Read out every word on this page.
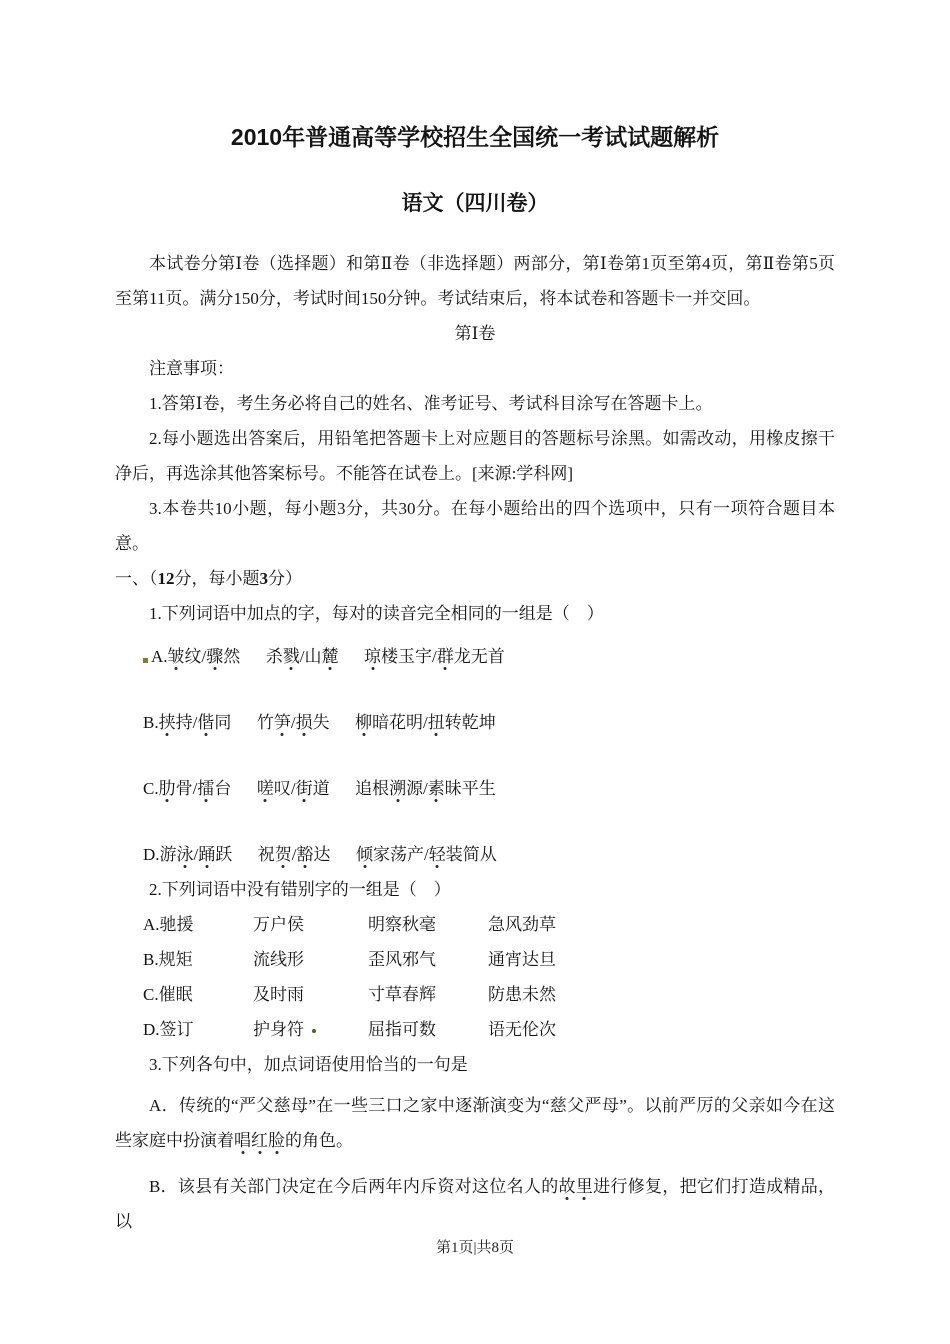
2010年普通高等学校招生全国统一考试试题解析
语文（四川卷）

本试卷分第Ⅰ卷（选择题）和第Ⅱ卷（非选择题）两部分，第Ⅰ卷第1页至第4页，第Ⅱ卷第5页至第11页。满分150分，考试时间150分钟。考试结束后，将本试卷和答题卡一并交回。

第Ⅰ卷

注意事项：

1.答第Ⅰ卷，考生务必将自己的姓名、准考证号、考试科目涂写在答题卡上。

2.每小题选出答案后，用铅笔把答题卡上对应题目的答题标号涂黑。如需改动，用橡皮擦干净后，再选涂其他答案标号。不能答在试卷上。[来源:学科网]

3.本卷共10小题，每小题3分，共30分。在每小题给出的四个选项中，只有一项符合题目本意。

一、（12分，每小题3分）

1.下列词语中加点的字，每对的读音完全相同的一组是（    ）

A.皱纹/骤然 杀戮/山麓 琼楼玉宇/群龙无首
B.挟持/偕同 竹笋/损失 柳暗花明/扭转乾坤
C.肋骨/擂台 嗟叹/街道 追根溯源/素昧平生
D.游泳/踊跃 祝贺/豁达 倾家荡产/轻装简从

2.下列词语中没有错别字的一组是（    ）

A.驰援	万户侯	明察秋毫	急风劲草
B.规矩	流线形	歪风邪气	通宵达旦
C.催眠	及时雨	寸草春辉	防患未然
D.签订	护身符	屈指可数	语无伦次

3.下列各句中，加点词语使用恰当的一句是

A．传统的“严父慈母”在一些三口之家中逐渐演变为“慈父严母”。以前严厉的父亲如今在这些家庭中扮演着唱红脸的角色。

B．该县有关部门决定在今后两年内斥资对这位名人的故里进行修复，把它们打造成精品，以

第1页|共8页
